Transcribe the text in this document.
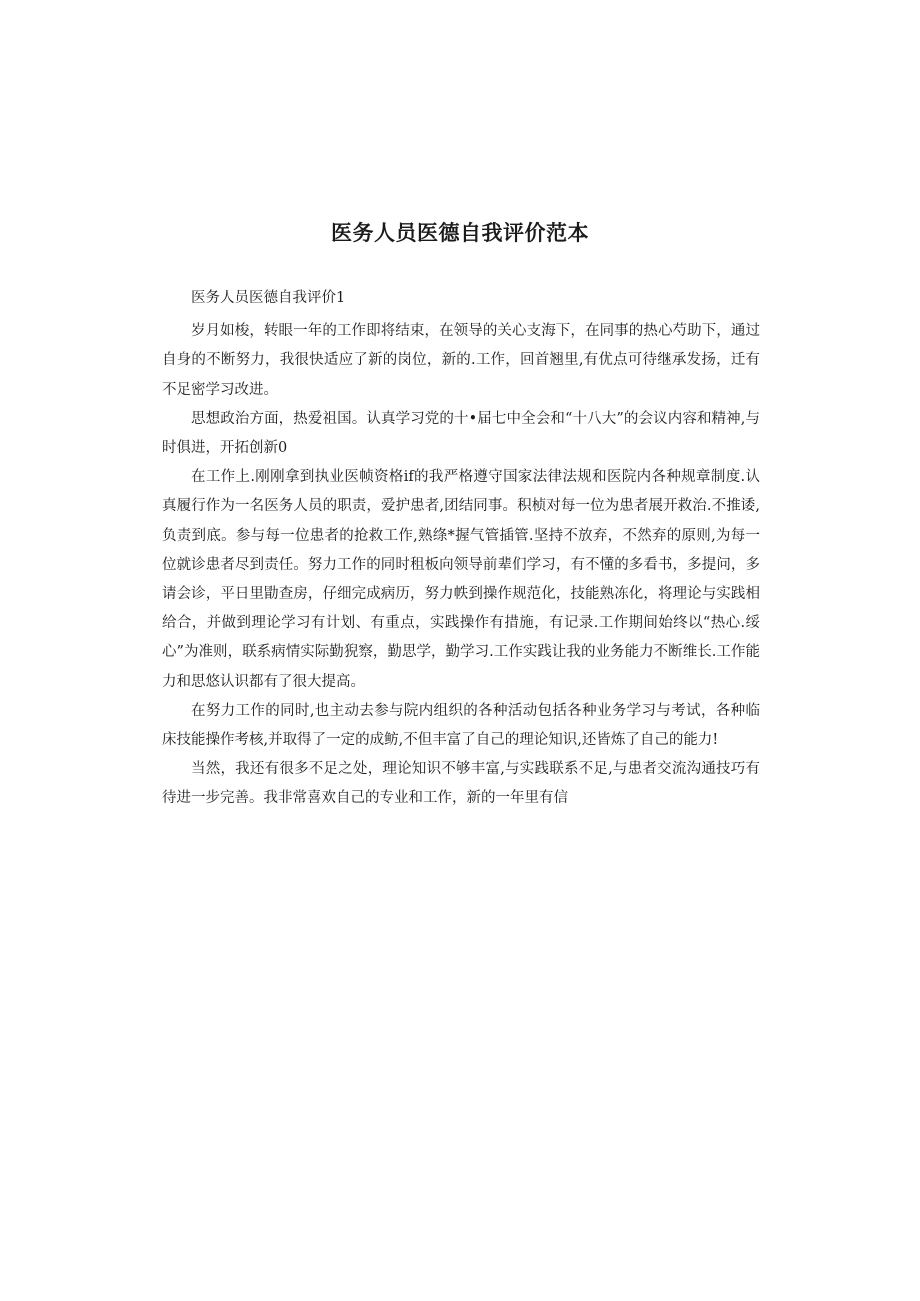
医务人员医德自我评价范本

医务人员医德自我评价1

岁月如梭，转眼一年的工作即将结束，在领导的关心支海下，在同事的热心芍助下，通过自身的不断努力，我很快适应了新的岗位，新的.工作，回首翘里,有优点可待继承发扬，迁有不足密学习改进。

思想政治方面，热爱祖国。认真学习党的十•届七中全会和“十八大”的会议内容和精神,与时俱进，开拓创新0

在工作上.刚刚拿到执业医帧资格if的我严格遵守国家法律法规和医院内各种规章制度.认真履行作为一名医务人员的职责，爱护患者,团结同事。积桢对每一位为患者展开救治.不推诿,负责到底。参与每一位患者的抢救工作,熟绦*握气管插管.坚持不放弃，不然弃的原则,为每一位就诊患者尽到责任。努力工作的同时租板向领导前辈们学习，有不懂的多看书，多提问，多请会诊，平日里勖查房，仔细完成病历，努力帙到操作规范化，技能熟冻化，将理论与实践相给合，并做到理论学习有计划、有重点，实践操作有措施，有记录.工作期间始终以“热心.绥心”为准则，联系病情实际勤猊察，勤思学，勤学习.工作实践让我的业务能力不断维长.工作能力和思悠认识都有了很大提高。

在努力工作的同时,也主动去参与院内组织的各种活动包括各种业务学习与考试，各种临床技能操作考核,并取得了一定的成鲂,不但丰富了自己的理论知识,还皆炼了自己的能力!

当然，我还有很多不足之处，理论知识不够丰富,与实践联系不足,与患者交流沟通技巧有待进一步完善。我非常喜欢自己的专业和工作，新的一年里有信
